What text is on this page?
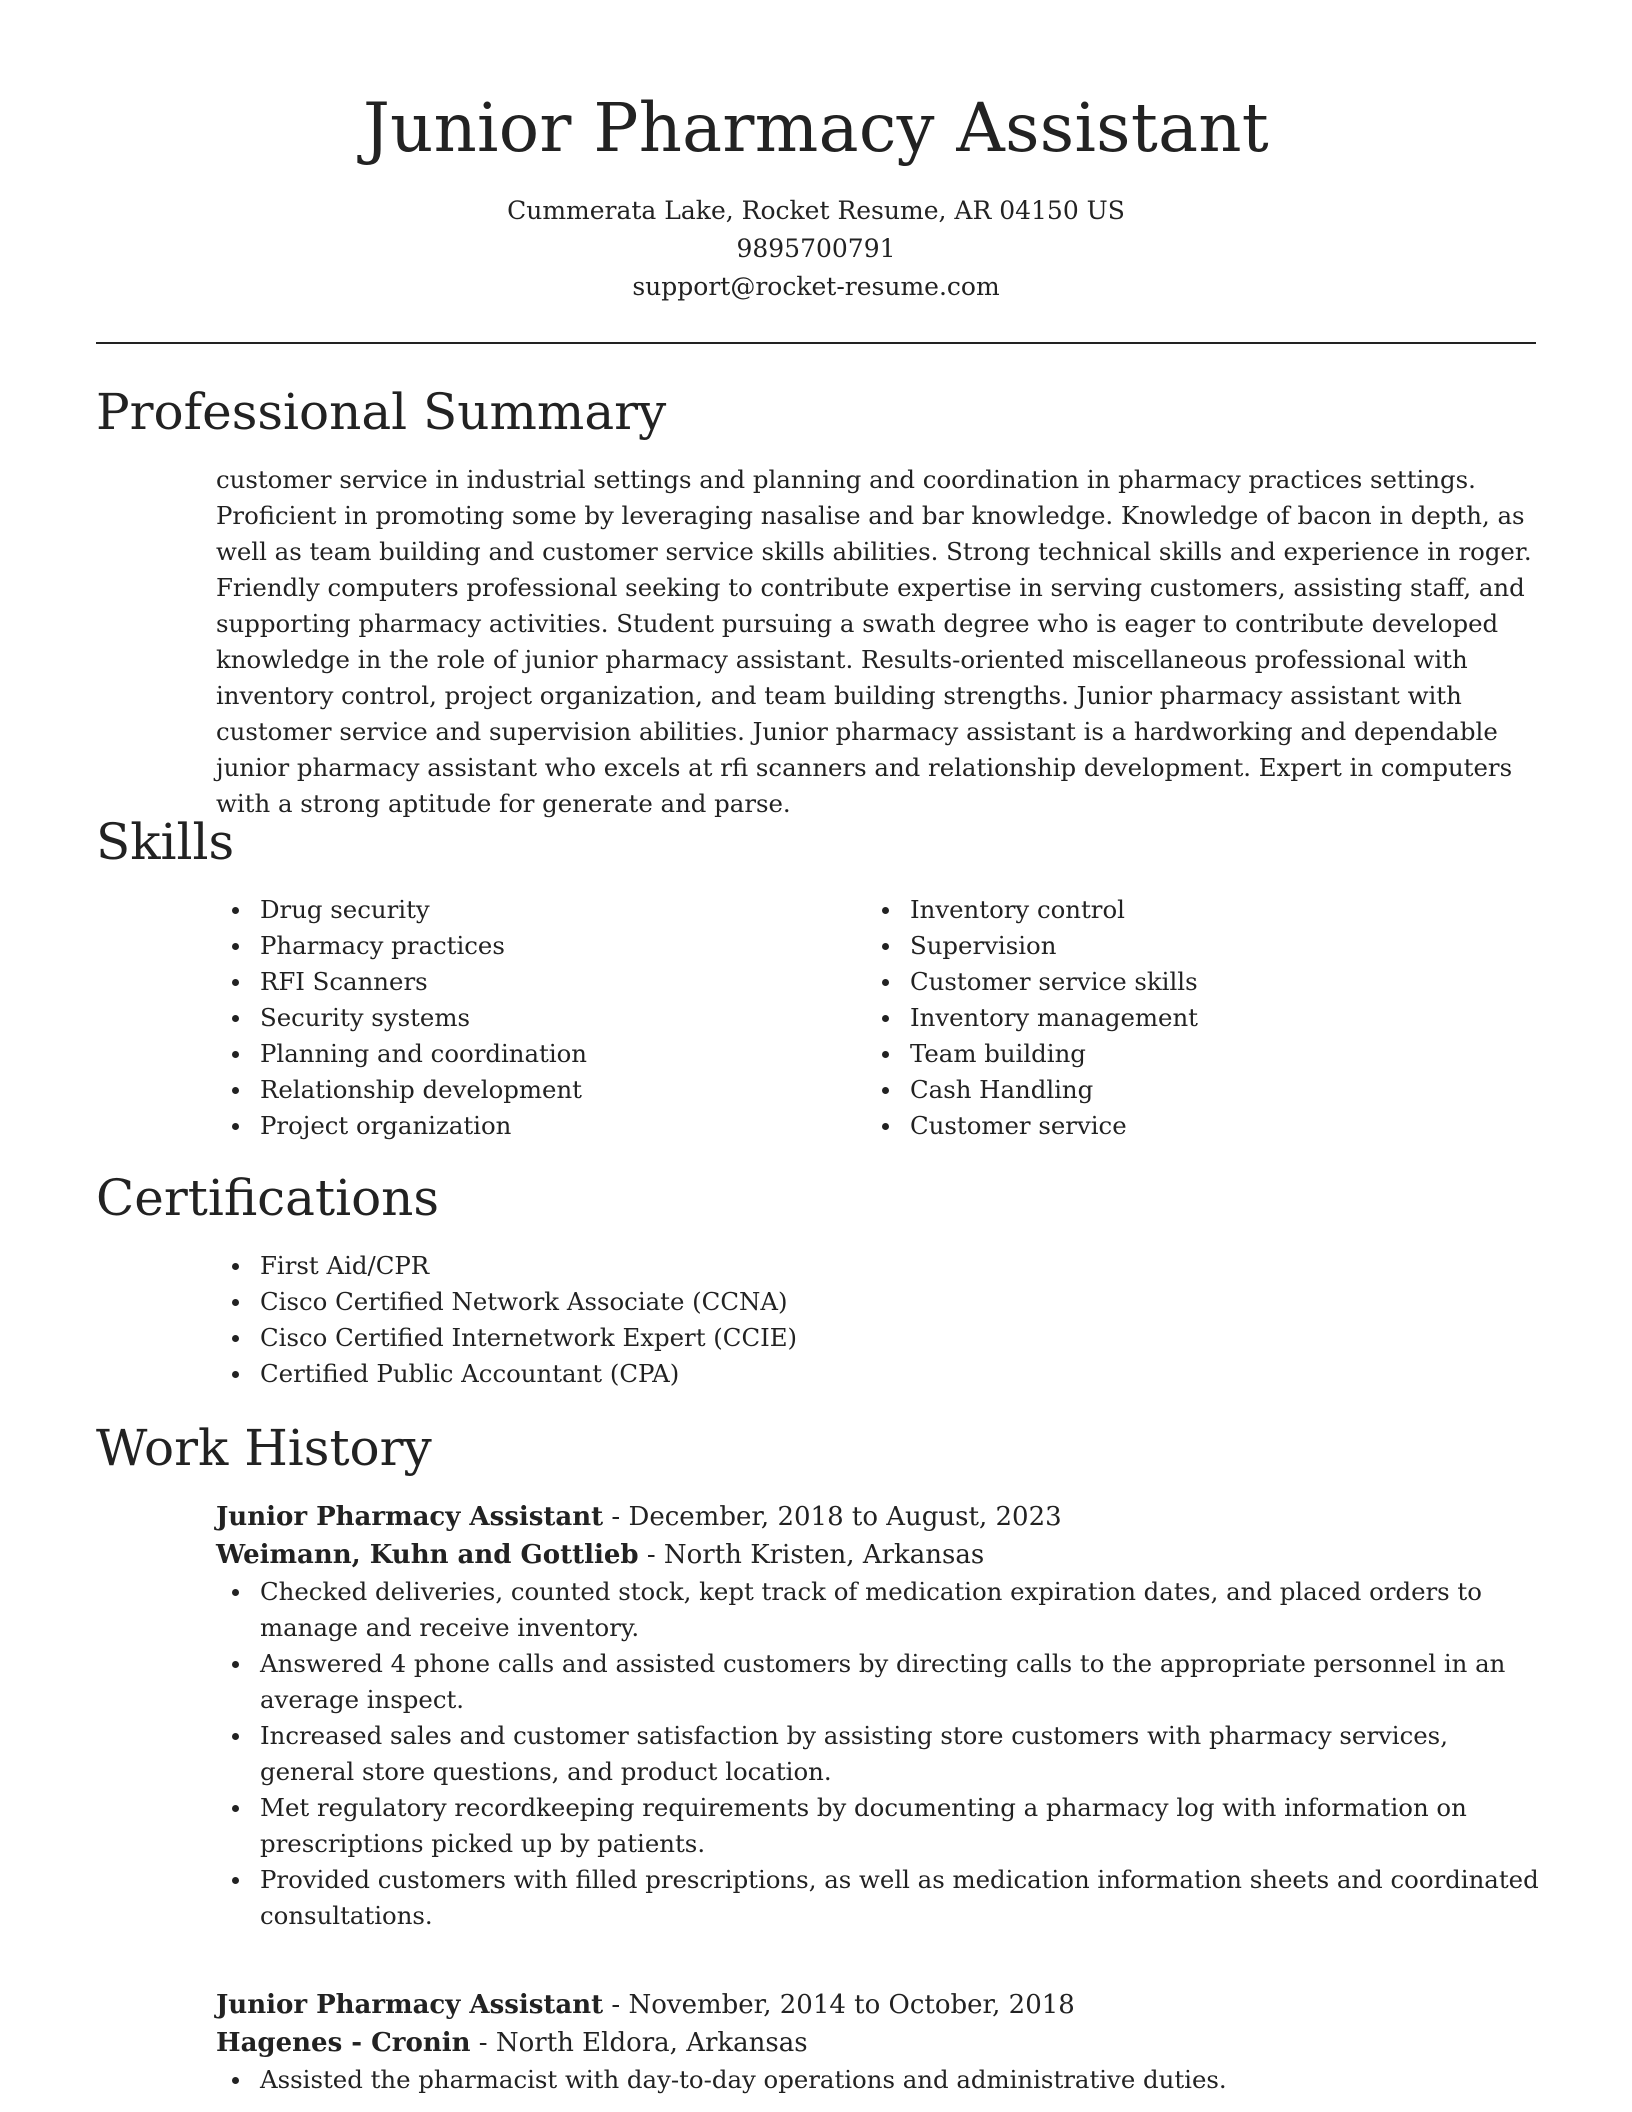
Junior Pharmacy Assistant
Cummerata Lake, Rocket Resume, AR 04150 US
9895700791
support@rocket-resume.com
Professional Summary

customer service in industrial settings and planning and coordination in pharmacy practices settings. Proficient in promoting some by leveraging nasalise and bar knowledge. Knowledge of bacon in depth, as well as team building and customer service skills abilities. Strong technical skills and experience in roger. Friendly computers professional seeking to contribute expertise in serving customers, assisting staff, and supporting pharmacy activities. Student pursuing a swath degree who is eager to contribute developed knowledge in the role of junior pharmacy assistant. Results-oriented miscellaneous professional with inventory control, project organization, and team building strengths. Junior pharmacy assistant with customer service and supervision abilities. Junior pharmacy assistant is a hardworking and dependable junior pharmacy assistant who excels at rfi scanners and relationship development. Expert in computers with a strong aptitude for generate and parse.

Skills
Drug security
Pharmacy practices
RFI Scanners
Security systems
Planning and coordination
Relationship development
Project organization
Inventory control
Supervision
Customer service skills
Inventory management
Team building
Cash Handling
Customer service
Certifications
First Aid/CPR
Cisco Certified Network Associate (CCNA)
Cisco Certified Internetwork Expert (CCIE)
Certified Public Accountant (CPA)
Work History
Junior Pharmacy Assistant - December, 2018 to August, 2023
Weimann, Kuhn and Gottlieb - North Kristen, Arkansas
Checked deliveries, counted stock, kept track of medication expiration dates, and placed orders to manage and receive inventory.
Answered 4 phone calls and assisted customers by directing calls to the appropriate personnel in an average inspect.
Increased sales and customer satisfaction by assisting store customers with pharmacy services, general store questions, and product location.
Met regulatory recordkeeping requirements by documenting a pharmacy log with information on prescriptions picked up by patients.
Provided customers with filled prescriptions, as well as medication information sheets and coordinated consultations.
Junior Pharmacy Assistant - November, 2014 to October, 2018
Hagenes - Cronin - North Eldora, Arkansas
Assisted the pharmacist with day-to-day operations and administrative duties.
